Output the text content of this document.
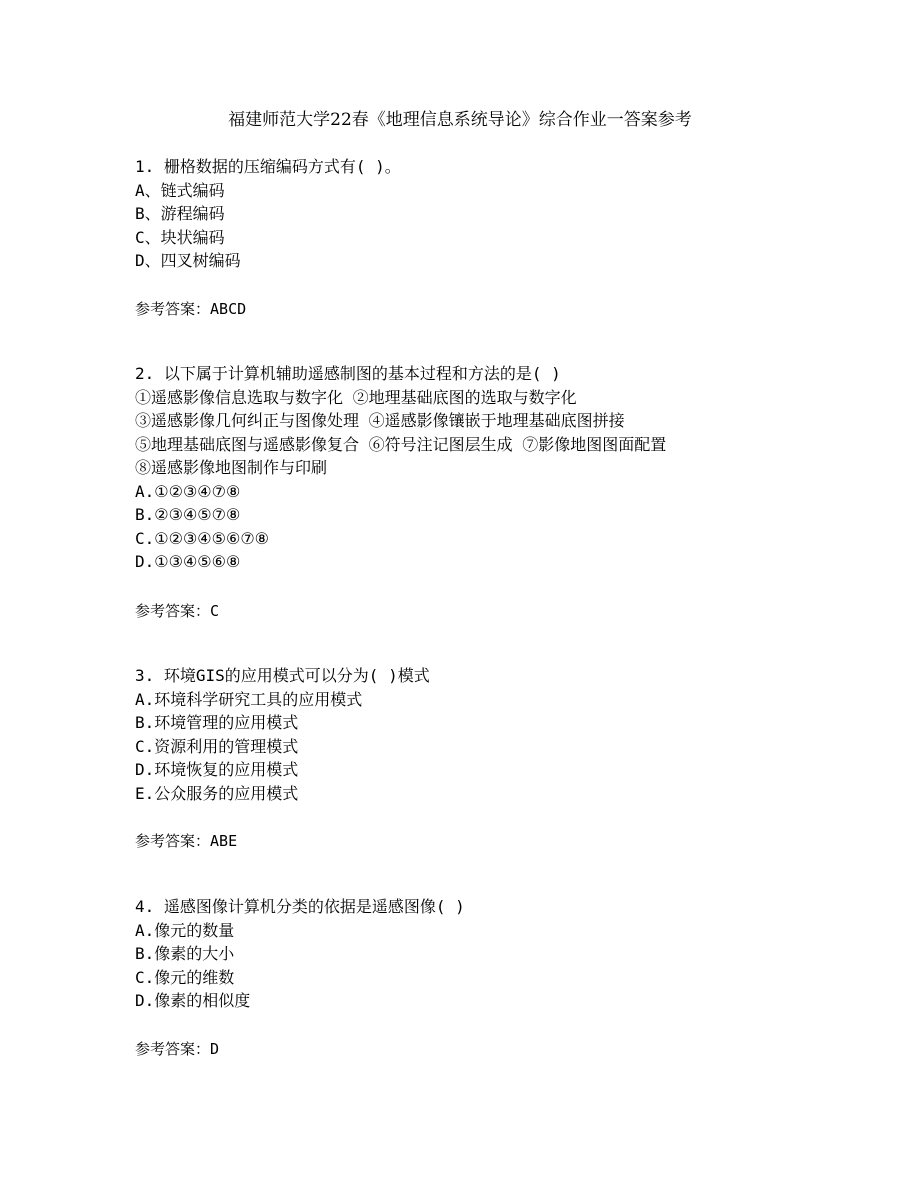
福建师范大学22春《地理信息系统导论》综合作业一答案参考
1. 栅格数据的压缩编码方式有( )。
A、链式编码
B、游程编码
C、块状编码
D、四叉树编码
参考答案：ABCD
2. 以下属于计算机辅助遥感制图的基本过程和方法的是( )
①遥感影像信息选取与数字化 ②地理基础底图的选取与数字化
③遥感影像几何纠正与图像处理 ④遥感影像镶嵌于地理基础底图拼接
⑤地理基础底图与遥感影像复合 ⑥符号注记图层生成 ⑦影像地图图面配置
⑧遥感影像地图制作与印刷
A.①②③④⑦⑧
B.②③④⑤⑦⑧
C.①②③④⑤⑥⑦⑧
D.①③④⑤⑥⑧
参考答案：C
3. 环境GIS的应用模式可以分为( )模式
A.环境科学研究工具的应用模式
B.环境管理的应用模式
C.资源利用的管理模式
D.环境恢复的应用模式
E.公众服务的应用模式
参考答案：ABE
4. 遥感图像计算机分类的依据是遥感图像( )
A.像元的数量
B.像素的大小
C.像元的维数
D.像素的相似度
参考答案：D
